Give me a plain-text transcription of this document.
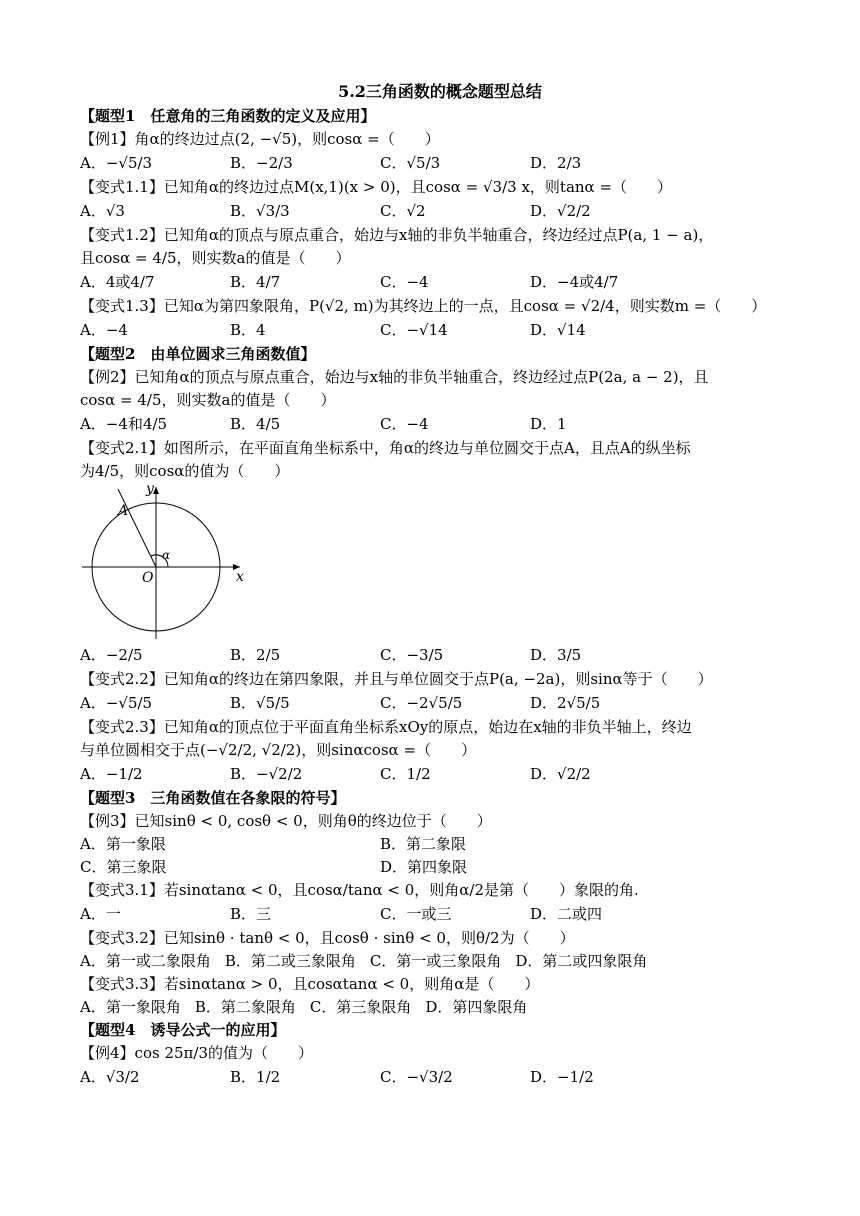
5.2三角函数的概念题型总结
【题型1　任意角的三角函数的定义及应用】
【例1】角α的终边过点(2, −√5)，则cosα =（　　）
A．−√5/3	B．−2/3	C．√5/3	D．2/3
【变式1.1】已知角α的终边过点M(x,1)(x > 0)，且cosα = √3/3 x，则tanα =（　　）
A．√3	B．√3/3	C．√2	D．√2/2
【变式1.2】已知角α的顶点与原点重合，始边与x轴的非负半轴重合，终边经过点P(a, 1 − a)，
且cosα = 4/5，则实数a的值是（　　）
A．4或4/7	B．4/7	C．−4	D．−4或4/7
【变式1.3】已知α为第四象限角，P(√2, m)为其终边上的一点，且cosα = √2/4，则实数m =（　　）
A．−4	B．4	C．−√14	D．√14
【题型2　由单位圆求三角函数值】
【例2】已知角α的顶点与原点重合，始边与x轴的非负半轴重合，终边经过点P(2a, a − 2)，且
cosα = 4/5，则实数a的值是（　　）
A．−4和4/5	B．4/5	C．−4	D．1
【变式2.1】如图所示，在平面直角坐标系中，角α的终边与单位圆交于点A，且点A的纵坐标
为4/5，则cosα的值为（　　）
y
x
O
A
α
A．−2/5	B．2/5	C．−3/5	D．3/5
【变式2.2】已知角α的终边在第四象限，并且与单位圆交于点P(a, −2a)，则sinα等于（　　）
A．−√5/5	B．√5/5	C．−2√5/5	D．2√5/5
【变式2.3】已知角α的顶点位于平面直角坐标系xOy的原点，始边在x轴的非负半轴上，终边
与单位圆相交于点(−√2/2, √2/2)，则sinαcosα =（　　）
A．−1/2	B．−√2/2	C．1/2	D．√2/2
【题型3　三角函数值在各象限的符号】
【例3】已知sinθ < 0, cosθ < 0，则角θ的终边位于（　　）
A．第一象限	B．第二象限
C．第三象限	D．第四象限
【变式3.1】若sinαtanα < 0，且cosα/tanα < 0，则角α/2是第（　　）象限的角.
A．一	B．三	C．一或三	D．二或四
【变式3.2】已知sinθ · tanθ < 0，且cosθ · sinθ < 0，则θ/2为（　　）
A．第一或二象限角 B．第二或三象限角 C．第一或三象限角 D．第二或四象限角
【变式3.3】若sinαtanα > 0，且cosαtanα < 0，则角α是（　　）
A．第一象限角 B．第二象限角 C．第三象限角 D．第四象限角
【题型4　诱导公式一的应用】
【例4】cos 25π/3的值为（　　）
A．√3/2	B．1/2	C．−√3/2	D．−1/2
